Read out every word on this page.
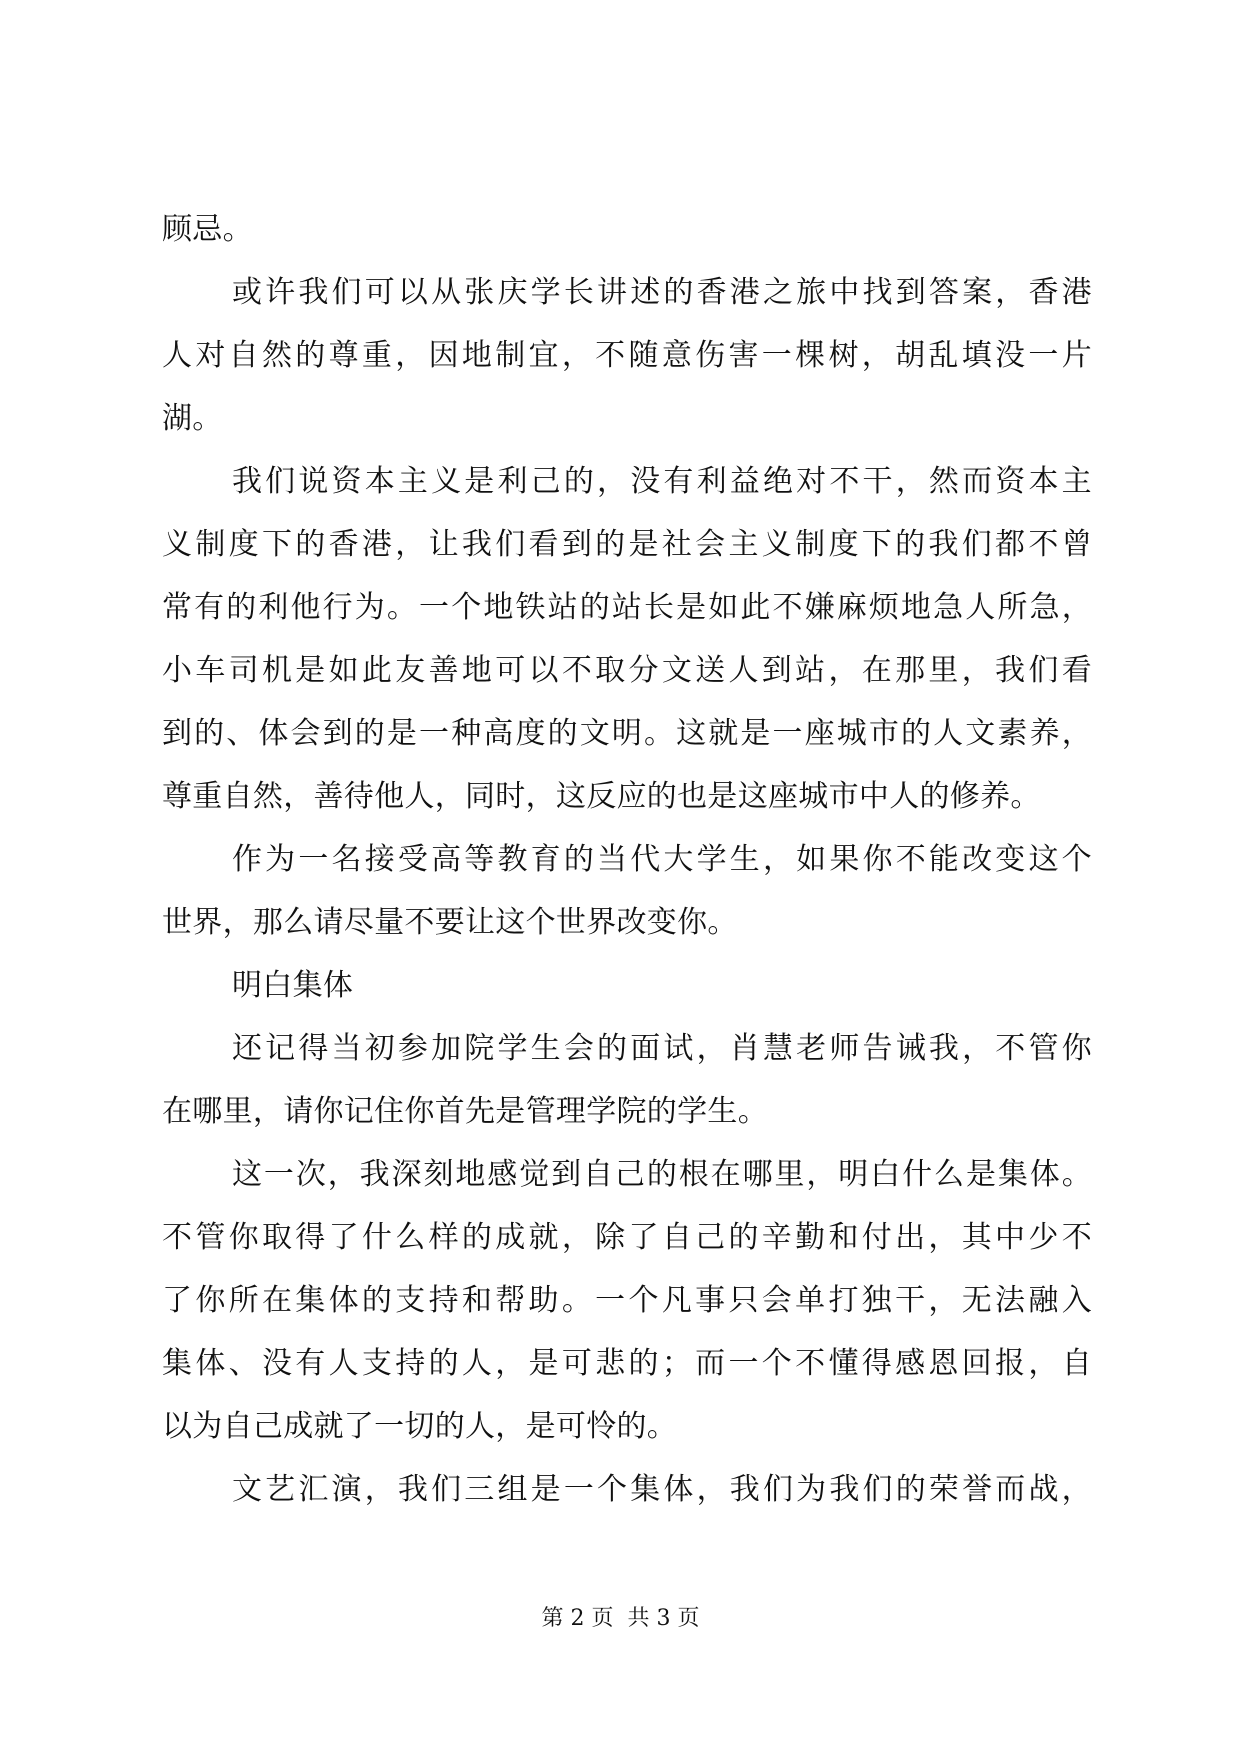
顾忌。
或许我们可以从张庆学长讲述的香港之旅中找到答案，香港
人对自然的尊重，因地制宜，不随意伤害一棵树，胡乱填没一片
湖。
我们说资本主义是利己的，没有利益绝对不干，然而资本主
义制度下的香港，让我们看到的是社会主义制度下的我们都不曾
常有的利他行为。一个地铁站的站长是如此不嫌麻烦地急人所急，
小车司机是如此友善地可以不取分文送人到站，在那里，我们看
到的、体会到的是一种高度的文明。这就是一座城市的人文素养，
尊重自然，善待他人，同时，这反应的也是这座城市中人的修养。
作为一名接受高等教育的当代大学生，如果你不能改变这个
世界，那么请尽量不要让这个世界改变你。
明白集体
还记得当初参加院学生会的面试，肖慧老师告诫我，不管你
在哪里，请你记住你首先是管理学院的学生。
这一次，我深刻地感觉到自己的根在哪里，明白什么是集体。
不管你取得了什么样的成就，除了自己的辛勤和付出，其中少不
了你所在集体的支持和帮助。一个凡事只会单打独干，无法融入
集体、没有人支持的人，是可悲的；而一个不懂得感恩回报，自
以为自己成就了一切的人，是可怜的。
文艺汇演，我们三组是一个集体，我们为我们的荣誉而战，
第 2 页  共 3 页
